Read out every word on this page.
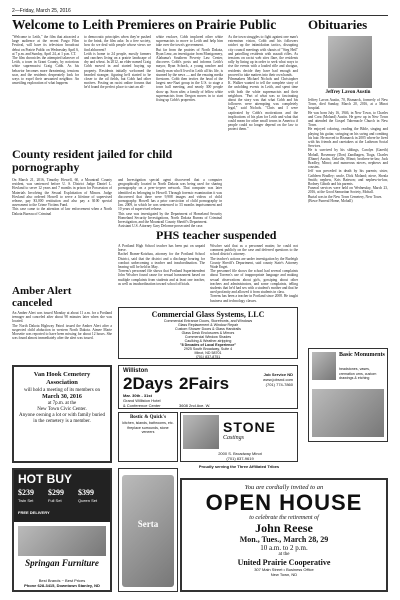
2—Friday, March 25, 2016
Welcome to Leith Premieres on Prairie Public	Obituaries

"Welcome to Leith," the film that attracted a large audience at the recent Fargo Film Festival, will have its television broadcast debut on Prairie Public on Wednesday April 6, at 7 p.m. and Sunday, April 24, at 1 p.m. CT.

The film chronicles the attempted takeover of Leith, a town in Grant County, by notorious white supremacist Craig Cobb. As his behavior becomes more threatening, tensions soar, and the residents desperately look for ways to expel their unwanted neighbor. An unsettling exploration of what happens

to democratic principles when they're pushed to the brink, the film asks: In a free society, how do we deal with people whose views we find abhorrent?

Leith is home to 24 people, mostly farmers and ranchers living on a prairie landscape of dry and wheat. In 2012, an elder named Craig Cobb moved in and started buying up property. Residents initially welcomed the bearded stranger, figuring he'd started to be closer to the oil fields, but Cobb had other motives. Posting on racist online forums that he'd found the perfect place to start an all-

white enclave, Cobb implored other white supremacists to move to Leith and help him take over the town's government.

But far from the prairies of North Dakota, Ryan Lenz, an investigator from Montgomery, Alabama's Southern Poverty Law Center, discovers Cobb's posts and informs Leith's mayor, Ryan Schock, a young rancher and family man who'd lived in Leith all his life, is stunned by the news — and the ensuing media firestorm. Cobb then invites the head of the largest neo-Nazi group in the U.S. to stage a town hall meeting, and nearly 300 people show up. Soon after, a family of fellow white supremacists from Oregon moves in to start fixing up Cobb's properties.

As the town struggles to fight against one man's extremism vision, Cobb and his followers ratchet up the intimidation tactics, disrupting city council meetings with shouts of "Sieg Heil" and patrolling residents with assault rifles. As tensions on racist web sites flare, the residents rally by lining up in order to seek what ways to rise the events with a loaded rifle and shotgun, residents decide they have had enough and proceed to take matters into their own hands.

Filmmakers Michael Nichols and Christopher K. Walker wanted to tell the complete story of the unfolding events in Leith, and spent time with both the white supremacists and their neighbors. "Part of what was so fascinating about the story was that what Cobb and his followers were attempting was completely legal," said Nichols. "Chris and I were captivated by Cobb's motivations and the implications of his plan for Leith and what that could mean for other small towns in America if people could no longer depend on the law to protect them."

County resident jailed for child pornography

On March 21, 2016, Timothy Howell, 60, a Mountrail County resident, was sentenced before U. S. District Judge Daniel L. Hovland to serve 12 years and 7 months in prison for Possession of Materials Involving the Sexual Exploitation of Minors. Judge Hovland also ordered Howell to serve a lifetime of supervised release, pay $3,000 restitution and also pay a $100 special assessment to the Crime Victims Fund.

This case came to the attention of law enforcement when a North Dakota Bureau of Criminal

and Investigation special agent discovered that a computer geographically located in North Dakota was being used for sharing pornography on a peer-to-peer network. That computer was later identified as belonging to Howell. Through forensic examination it was discovered that there were 9,908 images and videos of child pornography. Howell has a prior conviction of child pornography in Jan. 2009, in which he was sentenced to 33 months imprisonment and 10 years of supervised release.

This case was investigated by the Department of Homeland Security Homeland Security Investigations, North Dakota Bureau of Criminal Investigation, and the Mountrail County Sheriff's Department.

Assistant U.S. Attorney Gary Delorme prosecuted the case.

Amber Alert canceled

An Amber Alert was issued Monday at about 11 a.m. for a Portland teenager and canceled after about 90 minutes later when she was located.

The North Dakota Highway Patrol issued the Amber Alert after a suspected child abduction in western North Dakota. Aimee Marie Morsette was reported to have been missing for about 12 hours. She was found almost immediately after the alert was issued.

PHS teacher suspended

A Portland High School teacher has been put on unpaid leave.

Rachel Braner-Kotzbau, attorney for the Portland School District, said that the district and a discharge hearing for conduct unbecoming a teacher and insubordination. The hearing will be held in May.

Torrens's personnel file shows that Portland Superintendent John Wischer found cause for sexual harassment based on multiple complaints from students and at least one teacher, as well as insubordination toward school officials.

Wischer said that as a personnel matter, he could not comment publicly on the case and deferred questions to the school district's attorney.

The teacher's actions are under investigation by the Burleigh County Sheriff's Department, said county State's Attorney Wade Enget.

The personnel file shows the school had several complaints about Torrens's use of inappropriate language and making sexual observations about girls, gossiping about other teachers and administrators, and some complaints, telling students that he'd had sex with a student's mother and that he used profanity and allowed it from students in class.

Torrens has been a teacher in Portland since 2008. He taught business and technology classes.

Commercial Glass Systems, LLC
Commercial Entrance Doors, Storefronts, and Windows
Glass Replacement & Window Repair
Custom Shower Doors & Glass Handrails
Glass Desk Enclosures & Mirrors
Commercial Window Shades
Caulking & Weather-stripping
"8 Decades of Local Experience"
2925 South Broadway, Suite 4
Minot, ND 58701
(701) 837-8751
Van Hook Cemetery Association
will hold a meeting of its members on
March 30, 2016
at 7p.m. at the
New Town Civic Center.
Anyone owning a lot or with family buried in the cemetery is a member.
Williston
2Days 2Fairs
Mar. 30th - 31st
Grand Williston Hotel
& Conference Center	3608 2nd Ave. W.
Job Service ND
www.jobsnd.com
(701) 774-7860
Bostic & Quick's
kitchen, islands, bathrooms, etc. fireplace surrounds, stone veneers	STONE
Castings
2000 S. Broadway Minot
(701) 837-9619
Proudly serving the Three Affiliated Tribes
HOT BUY
$239 $299 $399
Twin Set	Full Set	Queen Set
FREE DELIVERY
Springan Furniture
Best Brands ~ Best Prices
Phone 628-3415, Downtown Stanley, ND
Serta
You are cordially invited to an
OPEN HOUSE
to celebrate the retirement of
John Reese
Mon., Tues., March 28, 29
10 a.m. to 2 p.m.
at the
United Prairie Cooperative
307 Main Street • Business Office
New Town, ND
Jeffrey Lavon Austin

Jeffrey Lavon Austin, 70, Bismarck, formerly of New Town, died Sunday, March 20, 2016, at a Minot hospital.

He was born July 16, 1946, in New Town, to Charles and Cora (Moland) Austin. He grew up in New Town and attended the Gospel Tabernacle Church in New Town.

He enjoyed coloring, reading the Bible, singing and playing his guitar, swinging on his swing and combing his hair. He moved to Bismarck in 2005 where he lived with his friends and caretakers at the Lutheran Social Services.

He is survived by his siblings, Carolyn (Gareth) Mohall, Rosemary (Don) Zandhagen, Tioga, Charles (Diane) Austin, Oakville, Minot; brothers-in-law, Jack Bradley, Minot; and numerous nieces, nephews and cousins.

Jeff was preceded in death by his parents; sister, Cathleen Bradley; uncle, Dick Moland; niece, Sheala Smith; nephew, Kris Bateson; and nephew-in-law, Rodney Giboth and his parents.

Funeral services were held on Wednesday, March 23, 2016, at the Good Samaritan Society, Mohall.

Burial was in the New Town Cemetery, New Town.

(Bowe Funeral Home, Mohall)

Basic Monuments
headstones, vases, cremation urns, custom drawings & etching
